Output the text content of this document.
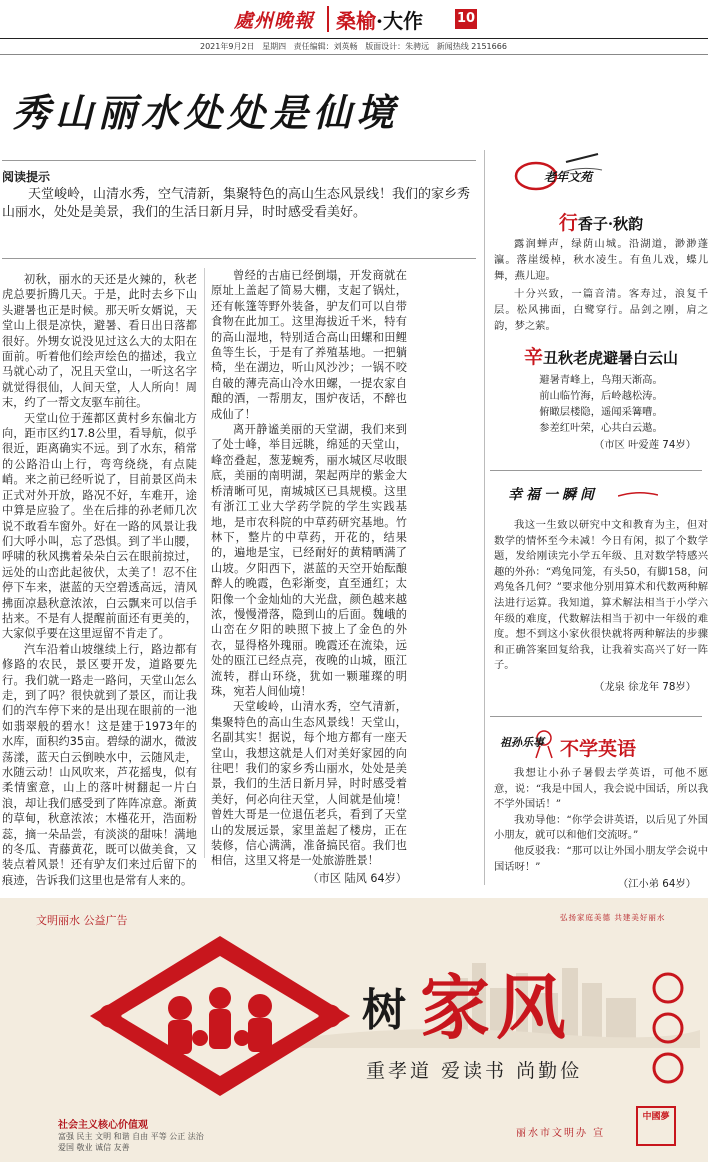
處州晚報 桑榆·大作	10
2021年9月2日 星期四 责任编辑：刘英畅 版面设计：朱骋远 新闻热线 2151666
秀山丽水处处是仙境
阅读提示
天堂峻岭，山清水秀，空气清新，集聚特色的高山生态风景线！我们的家乡秀山丽水，处处是美景，我们的生活日新月异，时时感受看美好。

初秋，丽水的天还是火辣的，秋老虎总要折腾几天。于是，此时去乡下山头避暑也正是时候。那天听女婿说，天堂山上很是凉快，避暑、看日出日落都很好。外甥女说没见过这么大的太阳在面前。听着他们绘声绘色的描述，我立马就心动了，况且天堂山，一听这名字就觉得很仙，人间天堂，人人所向！周末，约了一帮文友驱车前往。

天堂山位于莲都区黄村乡东偏北方向，距市区约17.8公里，看导航，似乎很近，距离确实不远。到了水东，稍常的公路沿山上行，弯弯绕绕，有点陡峭。来之前已经听说了，目前景区尚未正式对外开放，路况不好，车难开，途中算是应验了。坐在后排的孙老师几次说不敢看车窗外。好在一路的风景让我们大呼小叫，忘了恐惧。到了半山腰，呼啸的秋风携着朵朵白云在眼前掠过，远处的山峦此起彼伏，太美了！忍不住停下车来，湛蓝的天空碧透高远，清风拂面凉悬秋意浓浓，白云飘来可以信手拈来。不是有人提醒前面还有更美的，大家似乎要在这里逗留不肯走了。

汽车沿着山坡继续上行，路边都有修路的农民，景区要开发，道路要先行。我们就一路走一路问，天堂山怎么走，到了吗？很快就到了景区，而让我们的汽车停下来的是出现在眼前的一池如翡翠般的碧水！这是建于1973年的水库，面积约35亩。碧绿的湖水，微波荡漾，蓝天白云倒映水中，云随风走，水随云动！山风吹来，芦花摇曳，似有柔情蜜意，山上的落叶树翻起一片白浪，却让我们感受到了阵阵凉意。渐黄的草甸，秋意浓浓；木槿花开，浩面粉蕊，摘一朵品尝，有淡淡的甜味！满地的冬瓜、青藤黄花，既可以做美食，又装点着风景！还有驴友们来过后留下的痕迹，告诉我们这里也是常有人来的。

曾经的古庙已经倒塌，开发商就在原址上盖起了简易大棚，支起了锅灶，还有帐篷等野外装备，驴友们可以自带食物在此加工。这里海拔近千米，特有的高山湿地，特别适合高山田螺和田鲤鱼等生长，于是有了养殖基地。一把躺椅，坐在湖边，听山风沙沙；一锅不咬自破的薄壳高山冷水田螺，一提农家自酿的酒，一帮朋友，围炉夜话，不醉也成仙了！

离开静谧美丽的天堂湖，我们来到了处士峰，举目远眺，绵延的天堂山，峰峦叠起，葱茏蜿秀，丽水城区尽收眼底，美丽的南明湖，架起两岸的紫金大桥清晰可见，南城城区已具规模。这里有浙江工业大学药学院的学生实践基地，是市农科院的中草药研究基地。竹林下，整片的中草药，开花的，结果的，遍地是宝，已经耐好的黄精晒满了山坡。夕阳西下，湛蓝的天空开始酝酿醉人的晚霞，色彩渐变，直至通红；太阳像一个金灿灿的大光盘，颜色越来越浓，慢慢滑落，隐到山的后面。魏峨的山峦在夕阳的映照下披上了金色的外衣，显得格外瑰丽。晚霞还在流染，远处的瓯江已经点亮，夜晚的山城，瓯江流转，群山环绕，犹如一颗璀璨的明珠，宛若人间仙境！

天堂峻岭，山清水秀，空气清新，集聚特色的高山生态风景线！天堂山，名副其实！据说，每个地方都有一座天堂山，我想这就是人们对美好家园的向往吧！我们的家乡秀山丽水，处处是美景，我们的生活日新月异，时时感受着美好，何必向往天堂，人间就是仙境！曾姓大哥是一位退伍老兵，看到了天堂山的发展远景，家里盖起了楼房，正在装修，信心满满，准备搞民宿。我们也相信，这里又将是一处旅游胜景！

（市区 陆风 64岁）
老年文苑
行香子·秋韵
露润蝉声，绿荫山城。沿湖道，渺渺蓬瀛。落崖缓棹，秋水凌生。有鱼儿戏，蝶儿舞，燕儿迎。
十分兴致，一篇音清。客寿过，浪复千层。松风拂面，白鹭穿行。品剑之刚，肩之韵，梦之萦。
辛丑秋老虎避暑白云山
避暑青峰上，鸟翔天渐高。
前山临竹海，后岭越松涛。
俯瞰层楼隐，遥闻采篝嘈。
参差红叶荣，心共白云遨。
（市区 叶爱莲 74岁）
幸福一瞬间
我这一生致以研究中文和教育为主，但对数学的情怀至今未减！今日有闲，拟了个数学题，发给刚读完小学五年级、且对数学特感兴趣的外孙：“鸡兔同笼，有头50，有脚158，问鸡兔各几何？”要求他分别用算术和代数两种解法进行运算。我知道，算术解法相当于小学六年级的难度，代数解法相当于初中一年级的难度。想不到这小家伙很快就将两种解法的步骤和正确答案回复给我，让我着实高兴了好一阵子。
（龙泉 徐龙年 78岁）
祖孙乐事 不学英语
我想让小孙子暑假去学英语，可他不愿意，说：“我是中国人，我会说中国话，所以我不学外国话！”
我劝导他：“你学会讲英语，以后见了外国小朋友，就可以和他们交流呀。”
他反驳我：“那可以让外国小朋友学会说中国话呀！”
（江小弟 64岁）
文明丽水 公益广告	弘扬家庭美德 共建美好丽水
家风
树
重孝道 爱读书 尚勤俭
社会主义核心价值观
富强 民主 文明 和谐 自由 平等 公正 法治
爱国 敬业 诚信 友善
丽水市文明办 宣
中國夢
